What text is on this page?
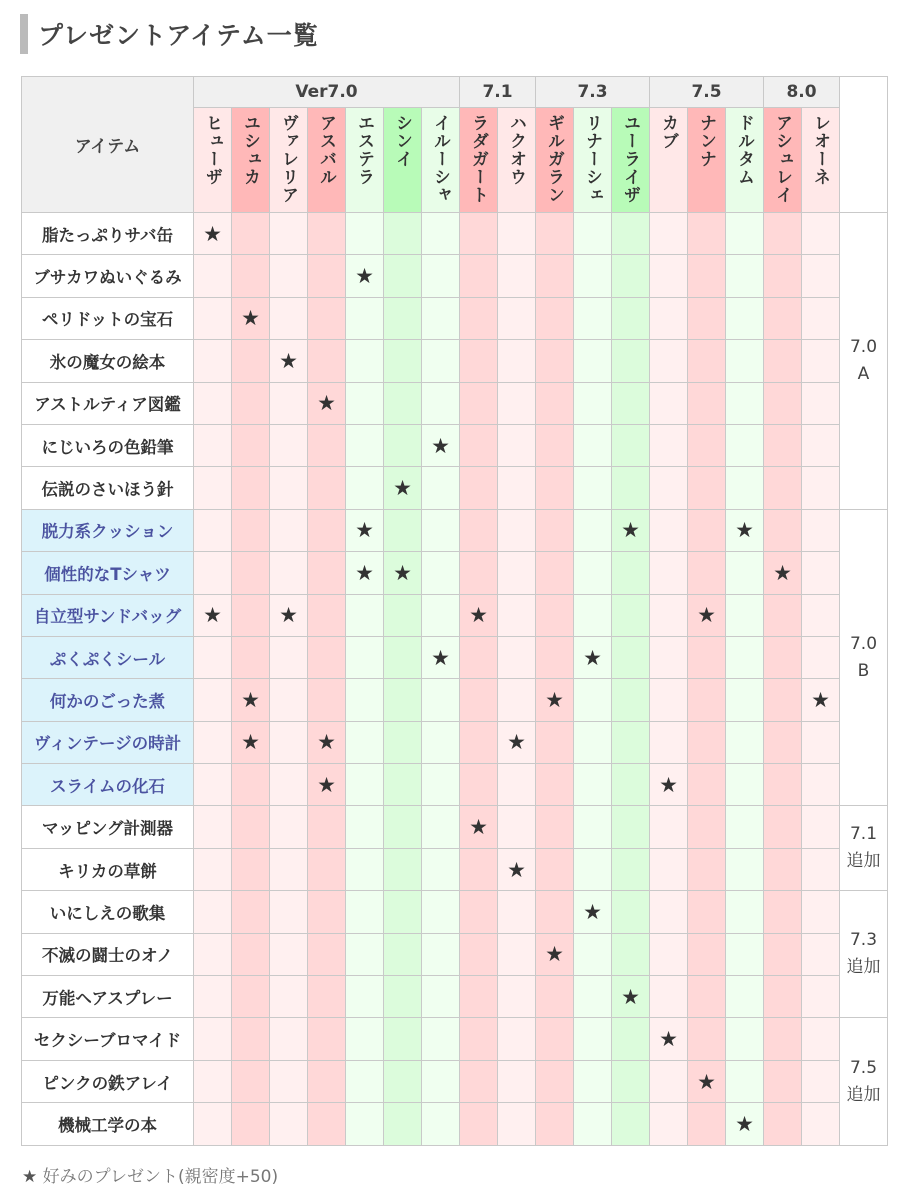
プレゼントアイテム一覧
アイテム	Ver7.0							7.1		7.3			7.5			8.0		

	ヒューザ	ユシュカ	ヴァレリア	アスバル	エステラ	シンイ	イルーシャ	ラダガート	ハクオウ	ギルガラン	リナーシェ	ユーライザ	カブ	ナンナ	ドルタム	アシュレイ	レオーネ	

脂たっぷりサバ缶	★																	7.0
A

ブサカワぬいぐるみ					★													
ペリドットの宝石		★																
氷の魔女の絵本			★															
アストルティア図鑑				★														
にじいろの色鉛筆							★											
伝説のさいほう針						★												
脱力系クッション					★							★			★			7.0
B

個性的なTシャツ					★	★										★		
自立型サンドバッグ	★		★					★						★				
ぷくぷくシール							★				★							
何かのごった煮		★								★							★	
ヴィンテージの時計		★		★					★									
スライムの化石				★									★					
マッピング計測器								★										7.1
追加

キリカの草餅									★									
いにしえの歌集											★							7.3
追加

不滅の闘士のオノ										★								
万能ヘアスプレー												★						
セクシーブロマイド													★					7.5
追加

ピンクの鉄アレイ														★				
機械工学の本															★			
★ 好みのプレゼント(親密度+50)
